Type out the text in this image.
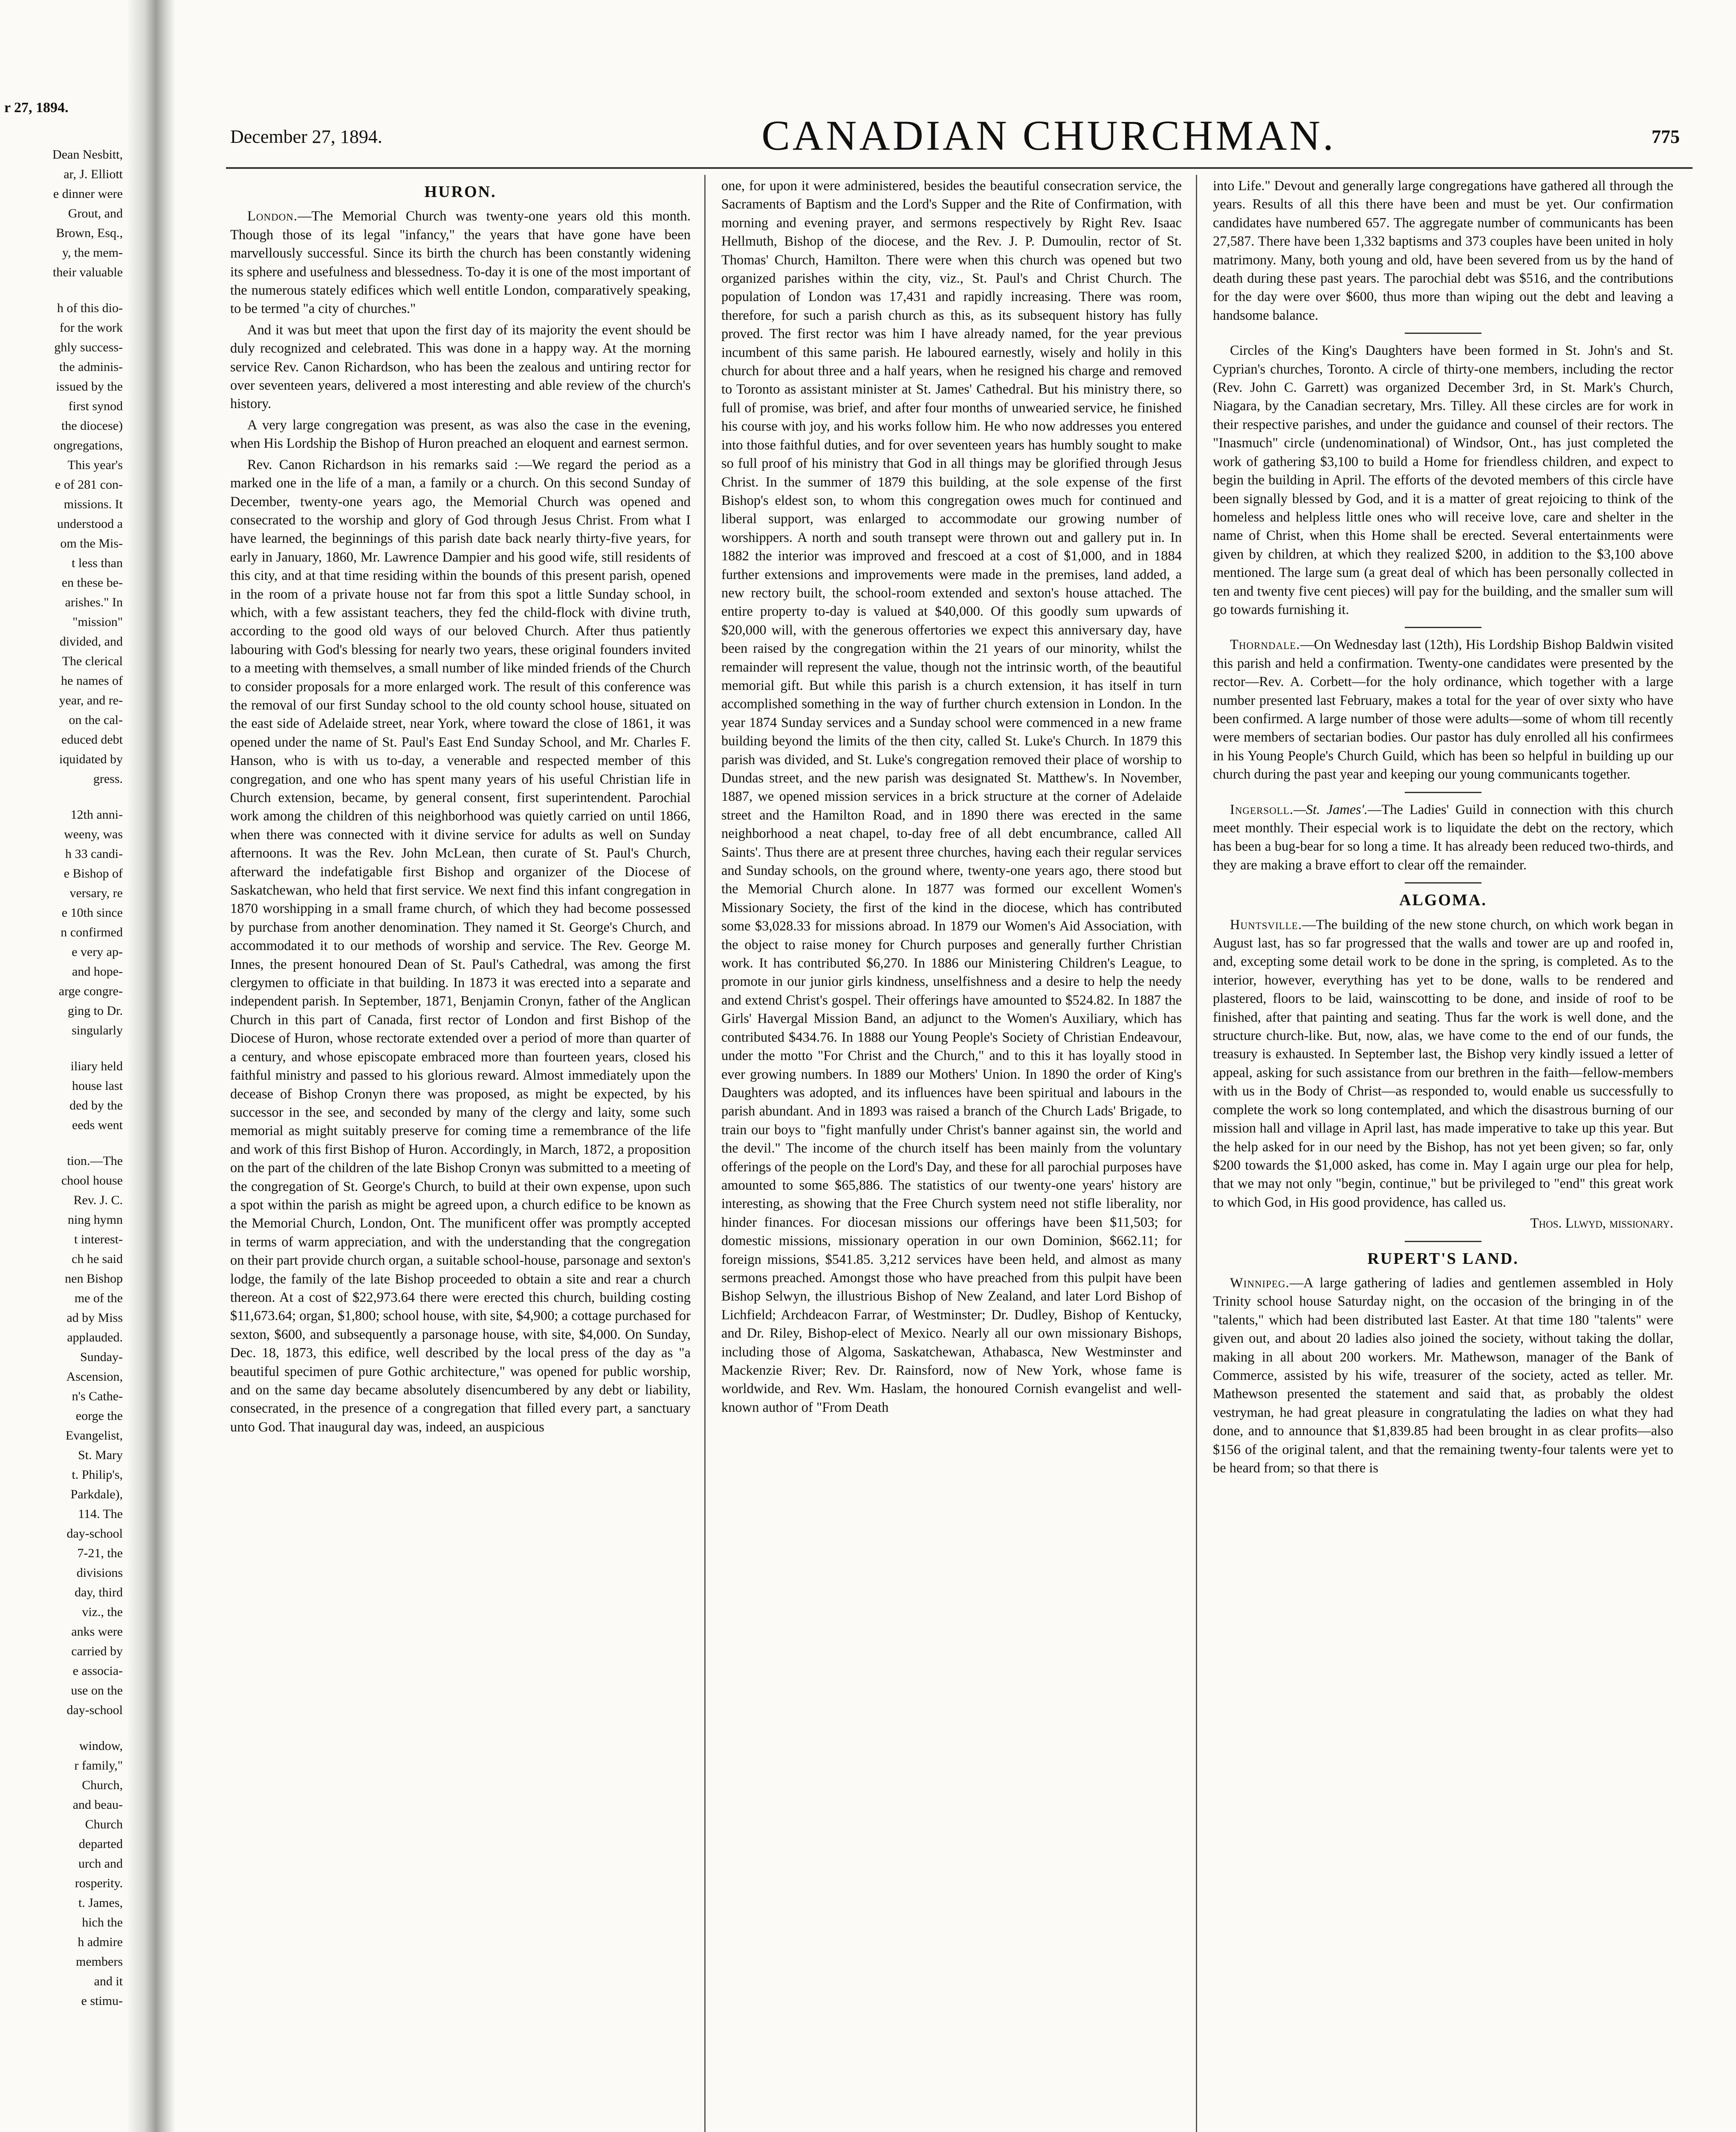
r 27, 1894.
Dean Nesbitt,
ar, J. Elliott
e dinner were
Grout, and
Brown, Esq.,
y, the mem-
their valuable
h of this dio-
for the work
ghly success-
the adminis-
issued by the
first synod
the diocese)
ongregations,
This year's
e of 281 con-
missions. It
understood a
om the Mis-
t less than
en these be-
arishes." In
"mission"
divided, and
The clerical
he names of
year, and re-
on the cal-
educed debt
iquidated by
gress.
12th anni-
weeny, was
h 33 candi-
e Bishop of
versary, re
e 10th since
n confirmed
e very ap-
and hope-
arge congre-
ging to Dr.
singularly
iliary held
house last
ded by the
eeds went
tion.—The
chool house
Rev. J. C.
ning hymn
t interest-
ch he said
nen Bishop
me of the
ad by Miss
applauded.
Sunday-
Ascension,
n's Cathe-
eorge the
Evangelist,
St. Mary
t. Philip's,
Parkdale),
114. The
day-school
7-21, the
divisions
day, third
viz., the
anks were
carried by
e associa-
use on the
day-school
window,
r family,"
Church,
and beau-
Church
departed
urch and
rosperity.
t. James,
hich the
h admire
members
and it
e stimu-
December 27, 1894.	CANADIAN CHURCHMAN.	775
HURON.

London.—The Memorial Church was twenty-one years old this month. Though those of its legal "infancy," the years that have gone have been marvellously successful. Since its birth the church has been constantly widening its sphere and usefulness and blessedness. To-day it is one of the most important of the numerous stately edifices which well entitle London, comparatively speaking, to be termed "a city of churches."

And it was but meet that upon the first day of its majority the event should be duly recognized and celebrated. This was done in a happy way. At the morning service Rev. Canon Richardson, who has been the zealous and untiring rector for over seventeen years, delivered a most interesting and able review of the church's history.

A very large congregation was present, as was also the case in the evening, when His Lordship the Bishop of Huron preached an eloquent and earnest sermon.

Rev. Canon Richardson in his remarks said :—We regard the period as a marked one in the life of a man, a family or a church. On this second Sunday of December, twenty-one years ago, the Memorial Church was opened and consecrated to the worship and glory of God through Jesus Christ. From what I have learned, the beginnings of this parish date back nearly thirty-five years, for early in January, 1860, Mr. Lawrence Dampier and his good wife, still residents of this city, and at that time residing within the bounds of this present parish, opened in the room of a private house not far from this spot a little Sunday school, in which, with a few assistant teachers, they fed the child-flock with divine truth, according to the good old ways of our beloved Church. After thus patiently labouring with God's blessing for nearly two years, these original founders invited to a meeting with themselves, a small number of like minded friends of the Church to consider proposals for a more enlarged work. The result of this conference was the removal of our first Sunday school to the old county school house, situated on the east side of Adelaide street, near York, where toward the close of 1861, it was opened under the name of St. Paul's East End Sunday School, and Mr. Charles F. Hanson, who is with us to-day, a venerable and respected member of this congregation, and one who has spent many years of his useful Christian life in Church extension, became, by general consent, first superintendent. Parochial work among the children of this neighborhood was quietly carried on until 1866, when there was connected with it divine service for adults as well on Sunday afternoons. It was the Rev. John McLean, then curate of St. Paul's Church, afterward the indefatigable first Bishop and organizer of the Diocese of Saskatchewan, who held that first service. We next find this infant congregation in 1870 worshipping in a small frame church, of which they had become possessed by purchase from another denomination. They named it St. George's Church, and accommodated it to our methods of worship and service. The Rev. George M. Innes, the present honoured Dean of St. Paul's Cathedral, was among the first clergymen to officiate in that building. In 1873 it was erected into a separate and independent parish. In September, 1871, Benjamin Cronyn, father of the Anglican Church in this part of Canada, first rector of London and first Bishop of the Diocese of Huron, whose rectorate extended over a period of more than quarter of a century, and whose episcopate embraced more than fourteen years, closed his faithful ministry and passed to his glorious reward. Almost immediately upon the decease of Bishop Cronyn there was proposed, as might be expected, by his successor in the see, and seconded by many of the clergy and laity, some such memorial as might suitably preserve for coming time a remembrance of the life and work of this first Bishop of Huron. Accordingly, in March, 1872, a proposition on the part of the children of the late Bishop Cronyn was submitted to a meeting of the congregation of St. George's Church, to build at their own expense, upon such a spot within the parish as might be agreed upon, a church edifice to be known as the Memorial Church, London, Ont. The munificent offer was promptly accepted in terms of warm appreciation, and with the understanding that the congregation on their part provide church organ, a suitable school-house, parsonage and sexton's lodge, the family of the late Bishop proceeded to obtain a site and rear a church thereon. At a cost of $22,973.64 there were erected this church, building costing $11,673.64; organ, $1,800; school house, with site, $4,900; a cottage purchased for sexton, $600, and subsequently a parsonage house, with site, $4,000. On Sunday, Dec. 18, 1873, this edifice, well described by the local press of the day as "a beautiful specimen of pure Gothic architecture," was opened for public worship, and on the same day became absolutely disencumbered by any debt or liability, consecrated, in the presence of a congregation that filled every part, a sanctuary unto God. That inaugural day was, indeed, an auspicious

one, for upon it were administered, besides the beautiful consecration service, the Sacraments of Baptism and the Lord's Supper and the Rite of Confirmation, with morning and evening prayer, and sermons respectively by Right Rev. Isaac Hellmuth, Bishop of the diocese, and the Rev. J. P. Dumoulin, rector of St. Thomas' Church, Hamilton. There were when this church was opened but two organized parishes within the city, viz., St. Paul's and Christ Church. The population of London was 17,431 and rapidly increasing. There was room, therefore, for such a parish church as this, as its subsequent history has fully proved. The first rector was him I have already named, for the year previous incumbent of this same parish. He laboured earnestly, wisely and holily in this church for about three and a half years, when he resigned his charge and removed to Toronto as assistant minister at St. James' Cathedral. But his ministry there, so full of promise, was brief, and after four months of unwearied service, he finished his course with joy, and his works follow him. He who now addresses you entered into those faithful duties, and for over seventeen years has humbly sought to make so full proof of his ministry that God in all things may be glorified through Jesus Christ. In the summer of 1879 this building, at the sole expense of the first Bishop's eldest son, to whom this congregation owes much for continued and liberal support, was enlarged to accommodate our growing number of worshippers. A north and south transept were thrown out and gallery put in. In 1882 the interior was improved and frescoed at a cost of $1,000, and in 1884 further extensions and improvements were made in the premises, land added, a new rectory built, the school-room extended and sexton's house attached. The entire property to-day is valued at $40,000. Of this goodly sum upwards of $20,000 will, with the generous offertories we expect this anniversary day, have been raised by the congregation within the 21 years of our minority, whilst the remainder will represent the value, though not the intrinsic worth, of the beautiful memorial gift. But while this parish is a church extension, it has itself in turn accomplished something in the way of further church extension in London. In the year 1874 Sunday services and a Sunday school were commenced in a new frame building beyond the limits of the then city, called St. Luke's Church. In 1879 this parish was divided, and St. Luke's congregation removed their place of worship to Dundas street, and the new parish was designated St. Matthew's. In November, 1887, we opened mission services in a brick structure at the corner of Adelaide street and the Hamilton Road, and in 1890 there was erected in the same neighborhood a neat chapel, to-day free of all debt encumbrance, called All Saints'. Thus there are at present three churches, having each their regular services and Sunday schools, on the ground where, twenty-one years ago, there stood but the Memorial Church alone. In 1877 was formed our excellent Women's Missionary Society, the first of the kind in the diocese, which has contributed some $3,028.33 for missions abroad. In 1879 our Women's Aid Association, with the object to raise money for Church purposes and generally further Christian work. It has contributed $6,270. In 1886 our Ministering Children's League, to promote in our junior girls kindness, unselfishness and a desire to help the needy and extend Christ's gospel. Their offerings have amounted to $524.82. In 1887 the Girls' Havergal Mission Band, an adjunct to the Women's Auxiliary, which has contributed $434.76. In 1888 our Young People's Society of Christian Endeavour, under the motto "For Christ and the Church," and to this it has loyally stood in ever growing numbers. In 1889 our Mothers' Union. In 1890 the order of King's Daughters was adopted, and its influences have been spiritual and labours in the parish abundant. And in 1893 was raised a branch of the Church Lads' Brigade, to train our boys to "fight manfully under Christ's banner against sin, the world and the devil." The income of the church itself has been mainly from the voluntary offerings of the people on the Lord's Day, and these for all parochial purposes have amounted to some $65,886. The statistics of our twenty-one years' history are interesting, as showing that the Free Church system need not stifle liberality, nor hinder finances. For diocesan missions our offerings have been $11,503; for domestic missions, missionary operation in our own Dominion, $662.11; for foreign missions, $541.85. 3,212 services have been held, and almost as many sermons preached. Amongst those who have preached from this pulpit have been Bishop Selwyn, the illustrious Bishop of New Zealand, and later Lord Bishop of Lichfield; Archdeacon Farrar, of Westminster; Dr. Dudley, Bishop of Kentucky, and Dr. Riley, Bishop-elect of Mexico. Nearly all our own missionary Bishops, including those of Algoma, Saskatchewan, Athabasca, New Westminster and Mackenzie River; Rev. Dr. Rainsford, now of New York, whose fame is worldwide, and Rev. Wm. Haslam, the honoured Cornish evangelist and well-known author of "From Death

into Life." Devout and generally large congregations have gathered all through the years. Results of all this there have been and must be yet. Our confirmation candidates have numbered 657. The aggregate number of communicants has been 27,587. There have been 1,332 baptisms and 373 couples have been united in holy matrimony. Many, both young and old, have been severed from us by the hand of death during these past years. The parochial debt was $516, and the contributions for the day were over $600, thus more than wiping out the debt and leaving a handsome balance.

Circles of the King's Daughters have been formed in St. John's and St. Cyprian's churches, Toronto. A circle of thirty-one members, including the rector (Rev. John C. Garrett) was organized December 3rd, in St. Mark's Church, Niagara, by the Canadian secretary, Mrs. Tilley. All these circles are for work in their respective parishes, and under the guidance and counsel of their rectors. The "Inasmuch" circle (undenominational) of Windsor, Ont., has just completed the work of gathering $3,100 to build a Home for friendless children, and expect to begin the building in April. The efforts of the devoted members of this circle have been signally blessed by God, and it is a matter of great rejoicing to think of the homeless and helpless little ones who will receive love, care and shelter in the name of Christ, when this Home shall be erected. Several entertainments were given by children, at which they realized $200, in addition to the $3,100 above mentioned. The large sum (a great deal of which has been personally collected in ten and twenty five cent pieces) will pay for the building, and the smaller sum will go towards furnishing it.

Thorndale.—On Wednesday last (12th), His Lordship Bishop Baldwin visited this parish and held a confirmation. Twenty-one candidates were presented by the rector—Rev. A. Corbett—for the holy ordinance, which together with a large number presented last February, makes a total for the year of over sixty who have been confirmed. A large number of those were adults—some of whom till recently were members of sectarian bodies. Our pastor has duly enrolled all his confirmees in his Young People's Church Guild, which has been so helpful in building up our church during the past year and keeping our young communicants together.

Ingersoll.—St. James'.—The Ladies' Guild in connection with this church meet monthly. Their especial work is to liquidate the debt on the rectory, which has been a bug-bear for so long a time. It has already been reduced two-thirds, and they are making a brave effort to clear off the remainder.

ALGOMA.

Huntsville.—The building of the new stone church, on which work began in August last, has so far progressed that the walls and tower are up and roofed in, and, excepting some detail work to be done in the spring, is completed. As to the interior, however, everything has yet to be done, walls to be rendered and plastered, floors to be laid, wainscotting to be done, and inside of roof to be finished, after that painting and seating. Thus far the work is well done, and the structure church-like. But, now, alas, we have come to the end of our funds, the treasury is exhausted. In September last, the Bishop very kindly issued a letter of appeal, asking for such assistance from our brethren in the faith—fellow-members with us in the Body of Christ—as responded to, would enable us successfully to complete the work so long contemplated, and which the disastrous burning of our mission hall and village in April last, has made imperative to take up this year. But the help asked for in our need by the Bishop, has not yet been given; so far, only $200 towards the $1,000 asked, has come in. May I again urge our plea for help, that we may not only "begin, continue," but be privileged to "end" this great work to which God, in His good providence, has called us.

Thos. Llwyd, missionary.
RUPERT'S LAND.

Winnipeg.—A large gathering of ladies and gentlemen assembled in Holy Trinity school house Saturday night, on the occasion of the bringing in of the "talents," which had been distributed last Easter. At that time 180 "talents" were given out, and about 20 ladies also joined the society, without taking the dollar, making in all about 200 workers. Mr. Mathewson, manager of the Bank of Commerce, assisted by his wife, treasurer of the society, acted as teller. Mr. Mathewson presented the statement and said that, as probably the oldest vestryman, he had great pleasure in congratulating the ladies on what they had done, and to announce that $1,839.85 had been brought in as clear profits—also $156 of the original talent, and that the remaining twenty-four talents were yet to be heard from; so that there is
